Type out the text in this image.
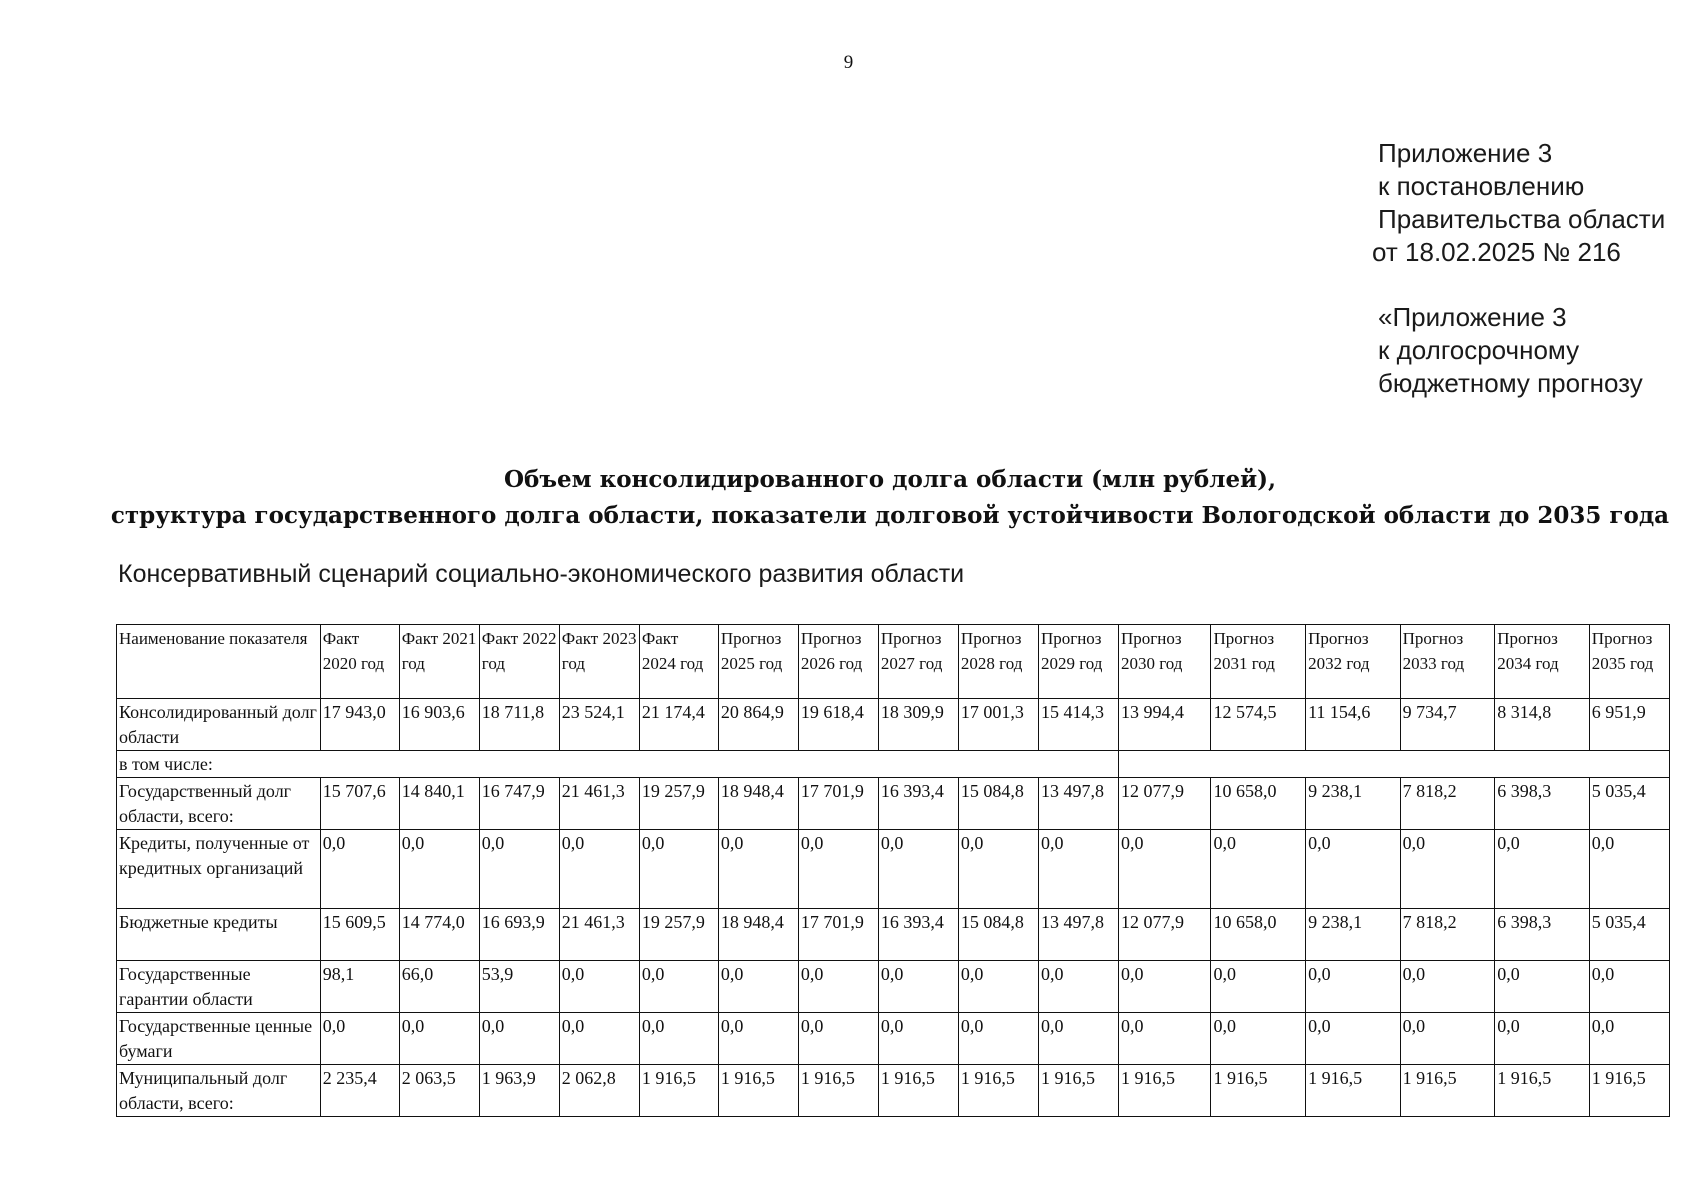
9
Приложение 3
к постановлению
Правительства области
от 18.02.2025 № 216
«Приложение 3
к долгосрочному
бюджетному прогнозу
Объем консолидированного долга области (млн рублей),
структура государственного долга области, показатели долговой устойчивости Вологодской области до 2035 года
Консервативный сценарий социально-экономического развития области
Наименование показателя	Факт 2020 год	Факт 2021 год	Факт 2022 год	Факт 2023 год	Факт 2024 год	Прогноз 2025 год	Прогноз 2026 год	Прогноз 2027 год	Прогноз 2028 год	Прогноз 2029 год	Прогноз 2030 год	Прогноз 2031 год	Прогноз 2032 год	Прогноз 2033 год	Прогноз 2034 год	Прогноз 2035 год
Консолидированный долг области	17 943,0	16 903,6	18 711,8	23 524,1	21 174,4	20 864,9	19 618,4	18 309,9	17 001,3	15 414,3	13 994,4	12 574,5	11 154,6	9 734,7	8 314,8	6 951,9
в том числе:																
Государственный долг области, всего:	15 707,6	14 840,1	16 747,9	21 461,3	19 257,9	18 948,4	17 701,9	16 393,4	15 084,8	13 497,8	12 077,9	10 658,0	9 238,1	7 818,2	6 398,3	5 035,4
Кредиты, полученные от кредитных организаций	0,0	0,0	0,0	0,0	0,0	0,0	0,0	0,0	0,0	0,0	0,0	0,0	0,0	0,0	0,0	0,0
Бюджетные кредиты	15 609,5	14 774,0	16 693,9	21 461,3	19 257,9	18 948,4	17 701,9	16 393,4	15 084,8	13 497,8	12 077,9	10 658,0	9 238,1	7 818,2	6 398,3	5 035,4
Государственные гарантии области	98,1	66,0	53,9	0,0	0,0	0,0	0,0	0,0	0,0	0,0	0,0	0,0	0,0	0,0	0,0	0,0
Государственные ценные бумаги	0,0	0,0	0,0	0,0	0,0	0,0	0,0	0,0	0,0	0,0	0,0	0,0	0,0	0,0	0,0	0,0
Муниципальный долг области, всего:	2 235,4	2 063,5	1 963,9	2 062,8	1 916,5	1 916,5	1 916,5	1 916,5	1 916,5	1 916,5	1 916,5	1 916,5	1 916,5	1 916,5	1 916,5	1 916,5
